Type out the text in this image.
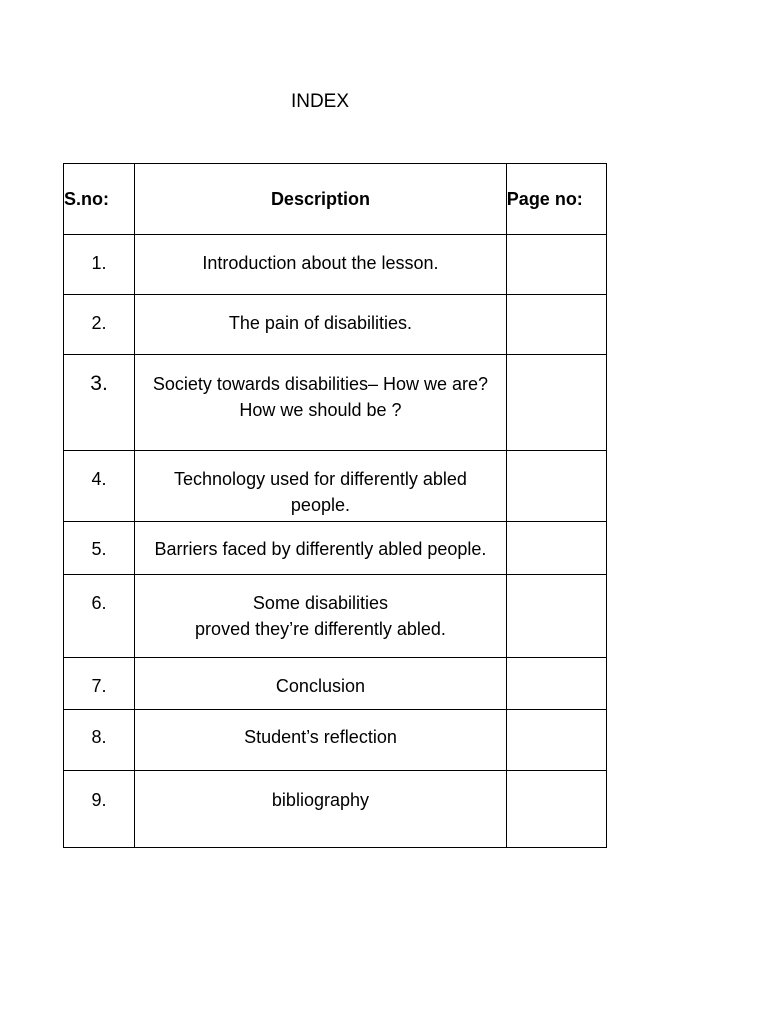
INDEX
S.no:	Description	Page no:
1.	Introduction about the lesson.	
2.	The pain of disabilities.	
3.	Society towards disabilities– How we are?
How we should be ?	
4.	Technology used for differently abled
people.	
5.	Barriers faced by differently abled people.	
6.	Some disabilities
proved they’re differently abled.	
7.	Conclusion	
8.	Student’s reflection	
9.	bibliography	
